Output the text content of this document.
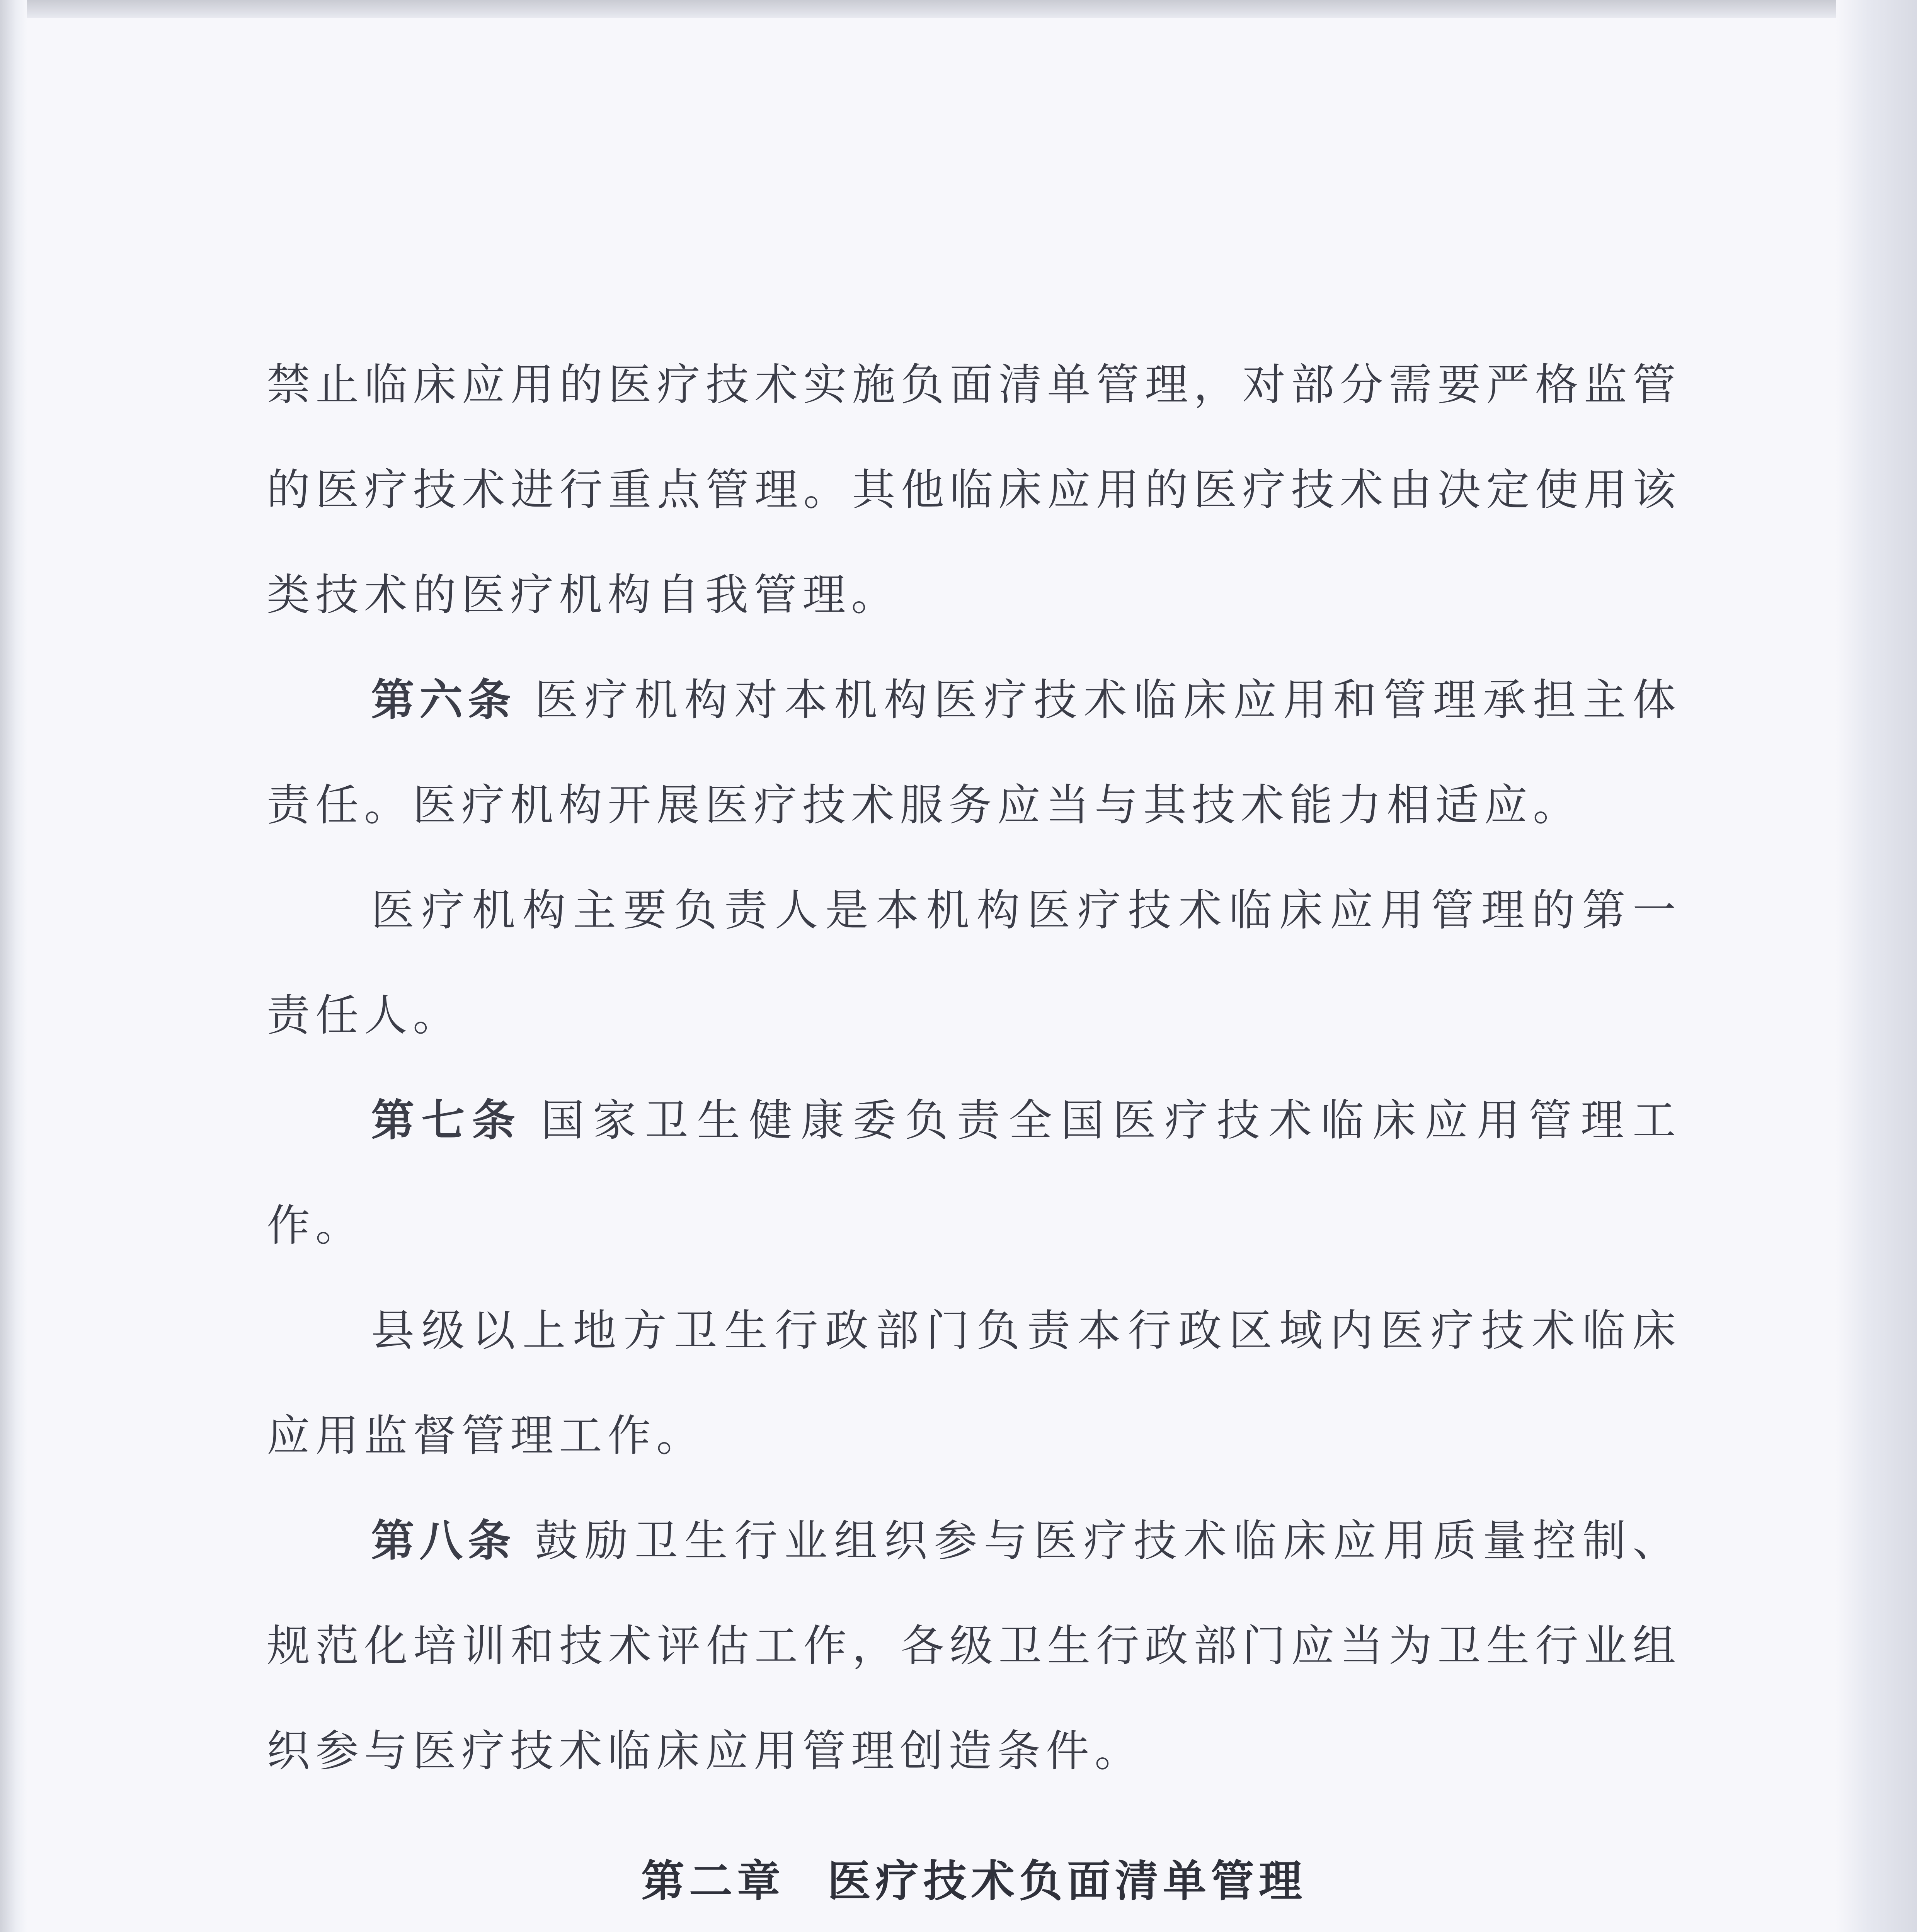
禁止临床应用的医疗技术实施负面清单管理，对部分需要严格监管的医疗技术进行重点管理。其他临床应用的医疗技术由决定使用该类技术的医疗机构自我管理。

第六条 医疗机构对本机构医疗技术临床应用和管理承担主体责任。医疗机构开展医疗技术服务应当与其技术能力相适应。

医疗机构主要负责人是本机构医疗技术临床应用管理的第一责任人。

第七条 国家卫生健康委负责全国医疗技术临床应用管理工作。

县级以上地方卫生行政部门负责本行政区域内医疗技术临床应用监督管理工作。

第八条 鼓励卫生行业组织参与医疗技术临床应用质量控制、规范化培训和技术评估工作，各级卫生行政部门应当为卫生行业组织参与医疗技术临床应用管理创造条件。

第二章 医疗技术负面清单管理
